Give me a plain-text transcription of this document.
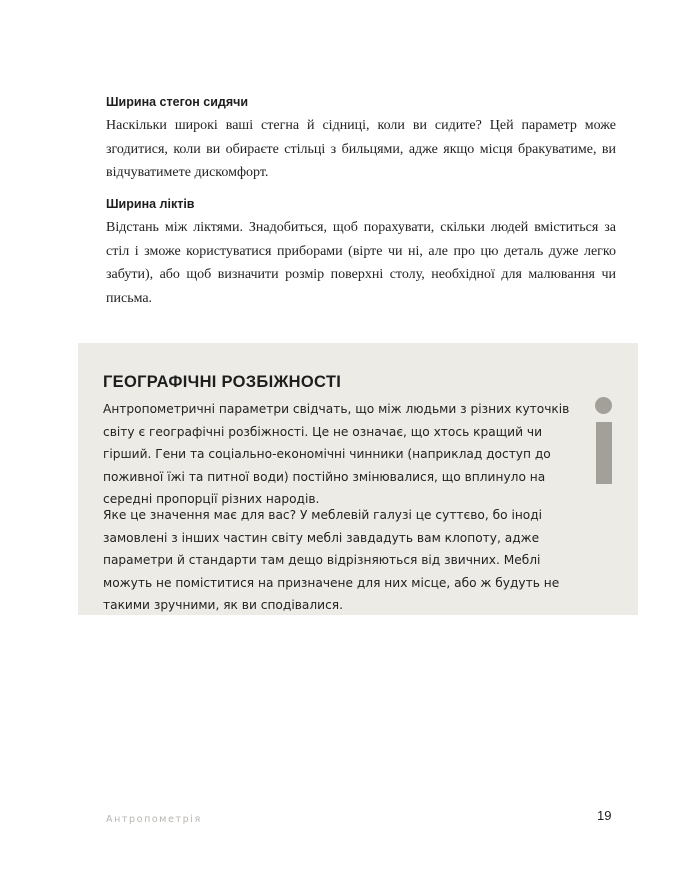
Ширина стегон сидячи

Наскільки широкі ваші стегна й сідниці, коли ви сидите? Цей параметр може згодитися, коли ви обираєте стільці з бильцями, адже якщо місця бракуватиме, ви відчуватимете дискомфорт.

Ширина ліктів

Відстань між ліктями. Знадобиться, щоб порахувати, скільки людей вміститься за стіл і зможе користуватися приборами (вірте чи ні, але про цю деталь дуже легко забути), або щоб визначити розмір поверхні столу, необхідної для малювання чи письма.

ГЕОГРАФІЧНІ РОЗБІЖНОСТІ

Антропометричні параметри свідчать, що між людьми з різних куточків світу є географічні розбіжності. Це не означає, що хтось кращий чи гірший. Гени та соціально-економічні чинники (наприклад доступ до поживної їжі та питної води) постійно змінювалися, що вплинуло на середні пропорції різних народів.

Яке це значення має для вас? У меблевій галузі це суттєво, бо іноді замовлені з інших частин світу меблі завдадуть вам клопоту, адже параметри й стандарти там дещо відрізняються від звичних. Меблі можуть не поміститися на призначене для них місце, або ж будуть не такими зручними, як ви сподівалися.

Антропометрія	19
